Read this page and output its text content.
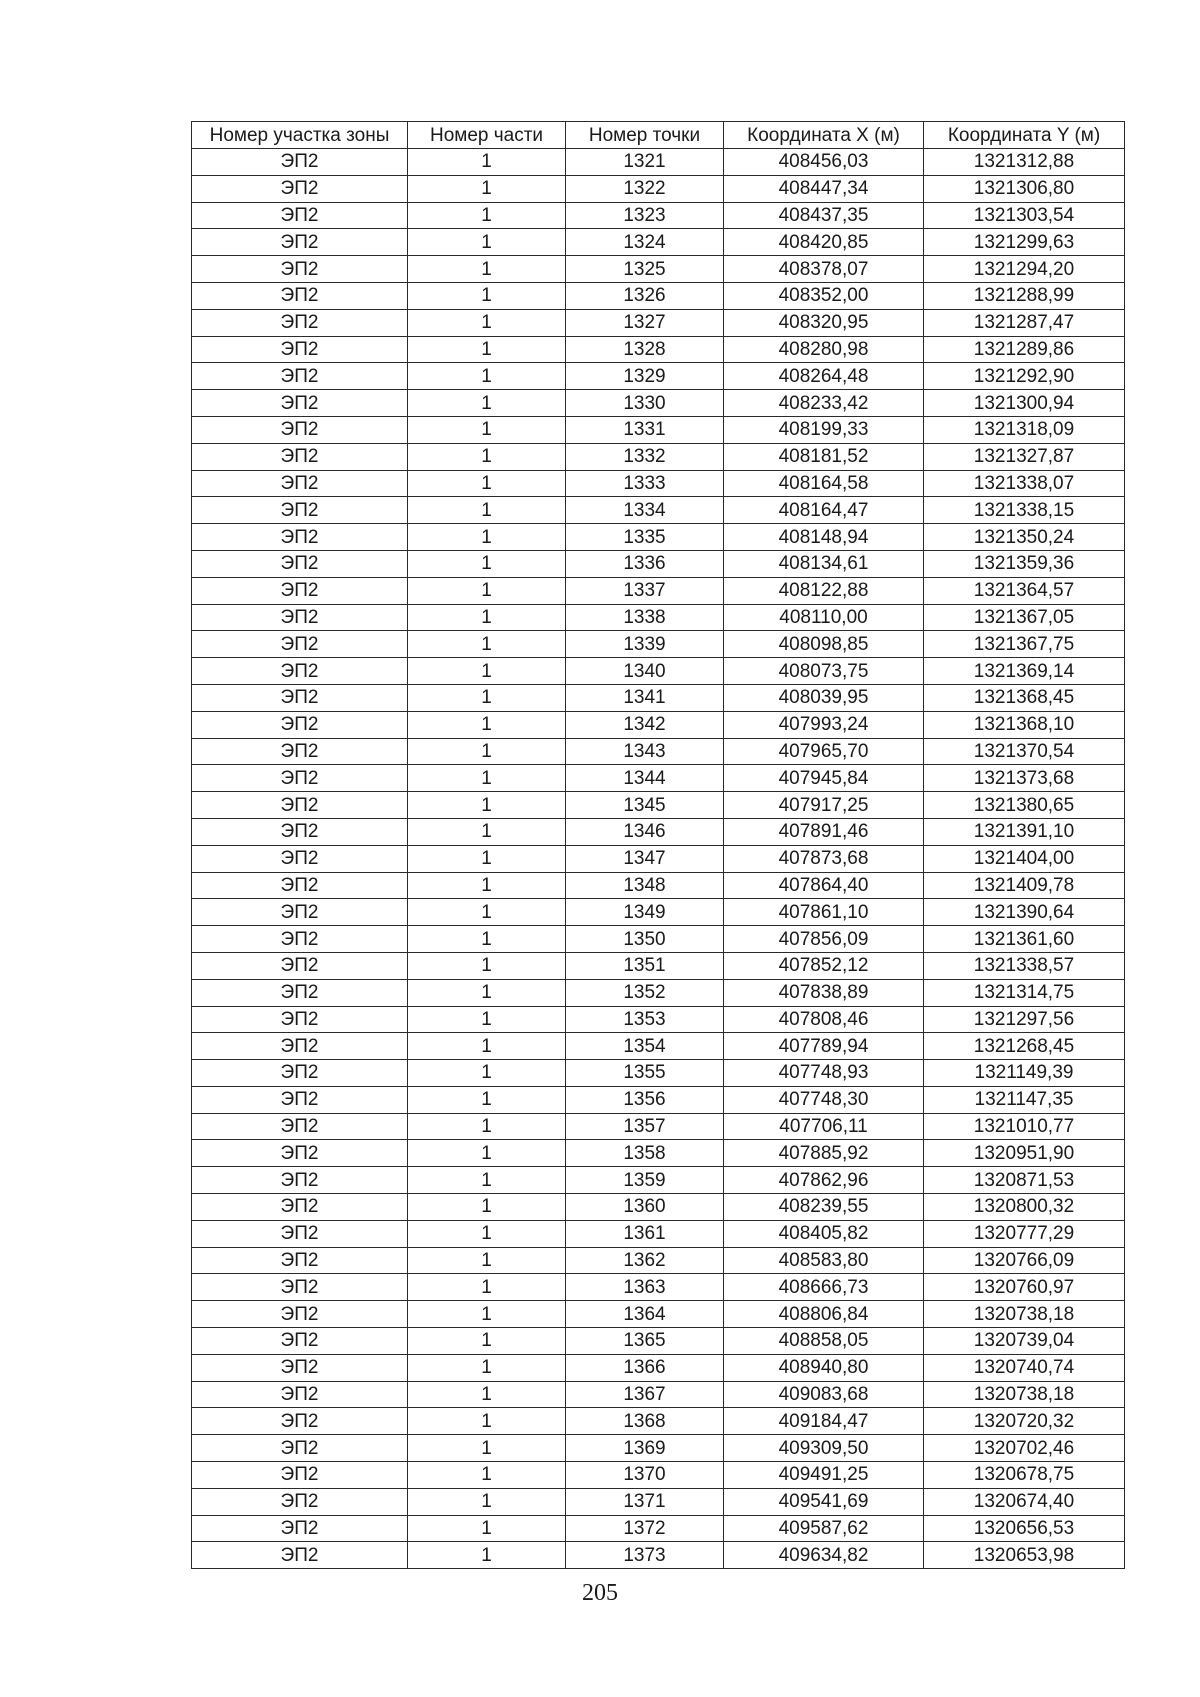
Номер участка зоны	Номер части	Номер точки	Координата X (м)	Координата Y (м)
ЭП2	1	1321	408456,03	1321312,88
ЭП2	1	1322	408447,34	1321306,80
ЭП2	1	1323	408437,35	1321303,54
ЭП2	1	1324	408420,85	1321299,63
ЭП2	1	1325	408378,07	1321294,20
ЭП2	1	1326	408352,00	1321288,99
ЭП2	1	1327	408320,95	1321287,47
ЭП2	1	1328	408280,98	1321289,86
ЭП2	1	1329	408264,48	1321292,90
ЭП2	1	1330	408233,42	1321300,94
ЭП2	1	1331	408199,33	1321318,09
ЭП2	1	1332	408181,52	1321327,87
ЭП2	1	1333	408164,58	1321338,07
ЭП2	1	1334	408164,47	1321338,15
ЭП2	1	1335	408148,94	1321350,24
ЭП2	1	1336	408134,61	1321359,36
ЭП2	1	1337	408122,88	1321364,57
ЭП2	1	1338	408110,00	1321367,05
ЭП2	1	1339	408098,85	1321367,75
ЭП2	1	1340	408073,75	1321369,14
ЭП2	1	1341	408039,95	1321368,45
ЭП2	1	1342	407993,24	1321368,10
ЭП2	1	1343	407965,70	1321370,54
ЭП2	1	1344	407945,84	1321373,68
ЭП2	1	1345	407917,25	1321380,65
ЭП2	1	1346	407891,46	1321391,10
ЭП2	1	1347	407873,68	1321404,00
ЭП2	1	1348	407864,40	1321409,78
ЭП2	1	1349	407861,10	1321390,64
ЭП2	1	1350	407856,09	1321361,60
ЭП2	1	1351	407852,12	1321338,57
ЭП2	1	1352	407838,89	1321314,75
ЭП2	1	1353	407808,46	1321297,56
ЭП2	1	1354	407789,94	1321268,45
ЭП2	1	1355	407748,93	1321149,39
ЭП2	1	1356	407748,30	1321147,35
ЭП2	1	1357	407706,11	1321010,77
ЭП2	1	1358	407885,92	1320951,90
ЭП2	1	1359	407862,96	1320871,53
ЭП2	1	1360	408239,55	1320800,32
ЭП2	1	1361	408405,82	1320777,29
ЭП2	1	1362	408583,80	1320766,09
ЭП2	1	1363	408666,73	1320760,97
ЭП2	1	1364	408806,84	1320738,18
ЭП2	1	1365	408858,05	1320739,04
ЭП2	1	1366	408940,80	1320740,74
ЭП2	1	1367	409083,68	1320738,18
ЭП2	1	1368	409184,47	1320720,32
ЭП2	1	1369	409309,50	1320702,46
ЭП2	1	1370	409491,25	1320678,75
ЭП2	1	1371	409541,69	1320674,40
ЭП2	1	1372	409587,62	1320656,53
ЭП2	1	1373	409634,82	1320653,98
205
